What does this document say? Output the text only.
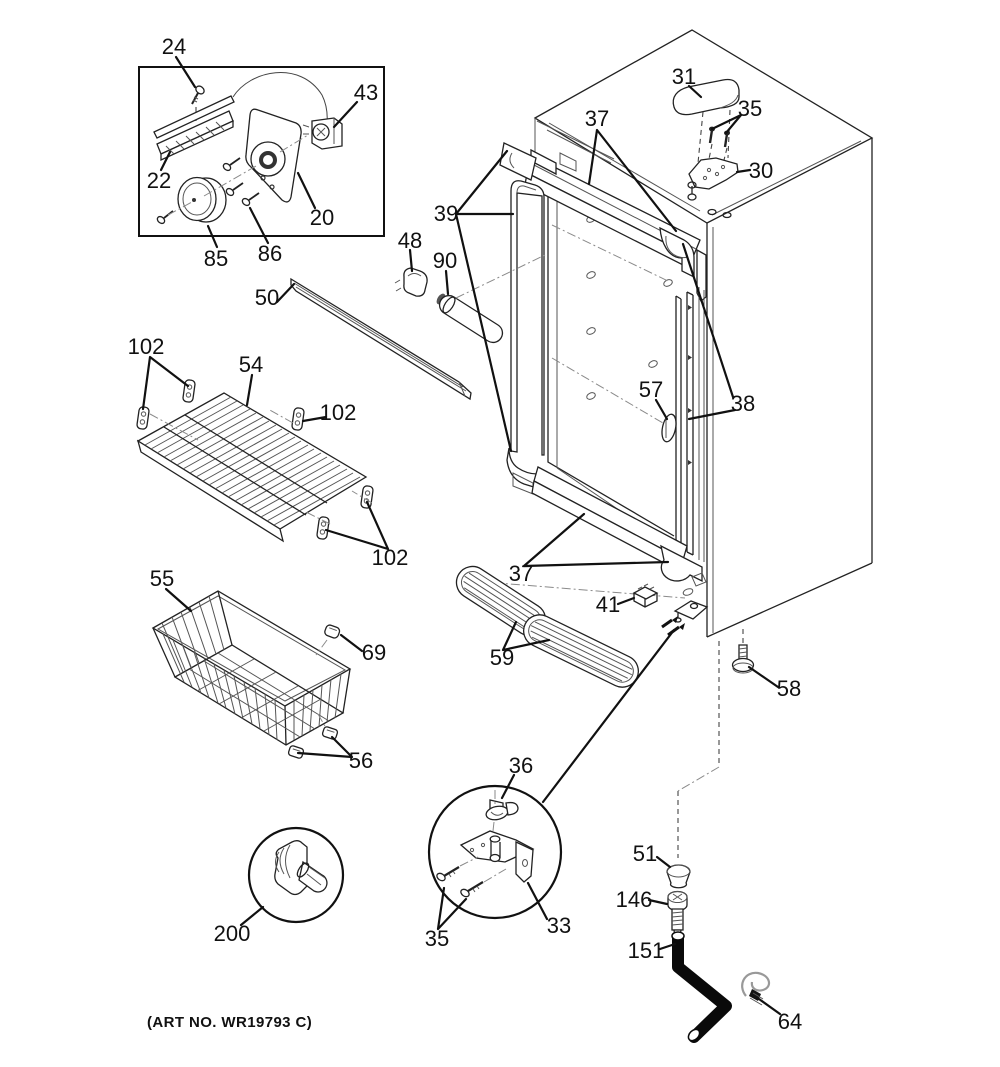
24
43
22
20
85 86
50
48
90
102
54
102
102
55
69
56
200
36
35
33
31
35
30
37
39
57
38
37
41
59
58
51
146
151
64
(ART NO. WR19793 C)
